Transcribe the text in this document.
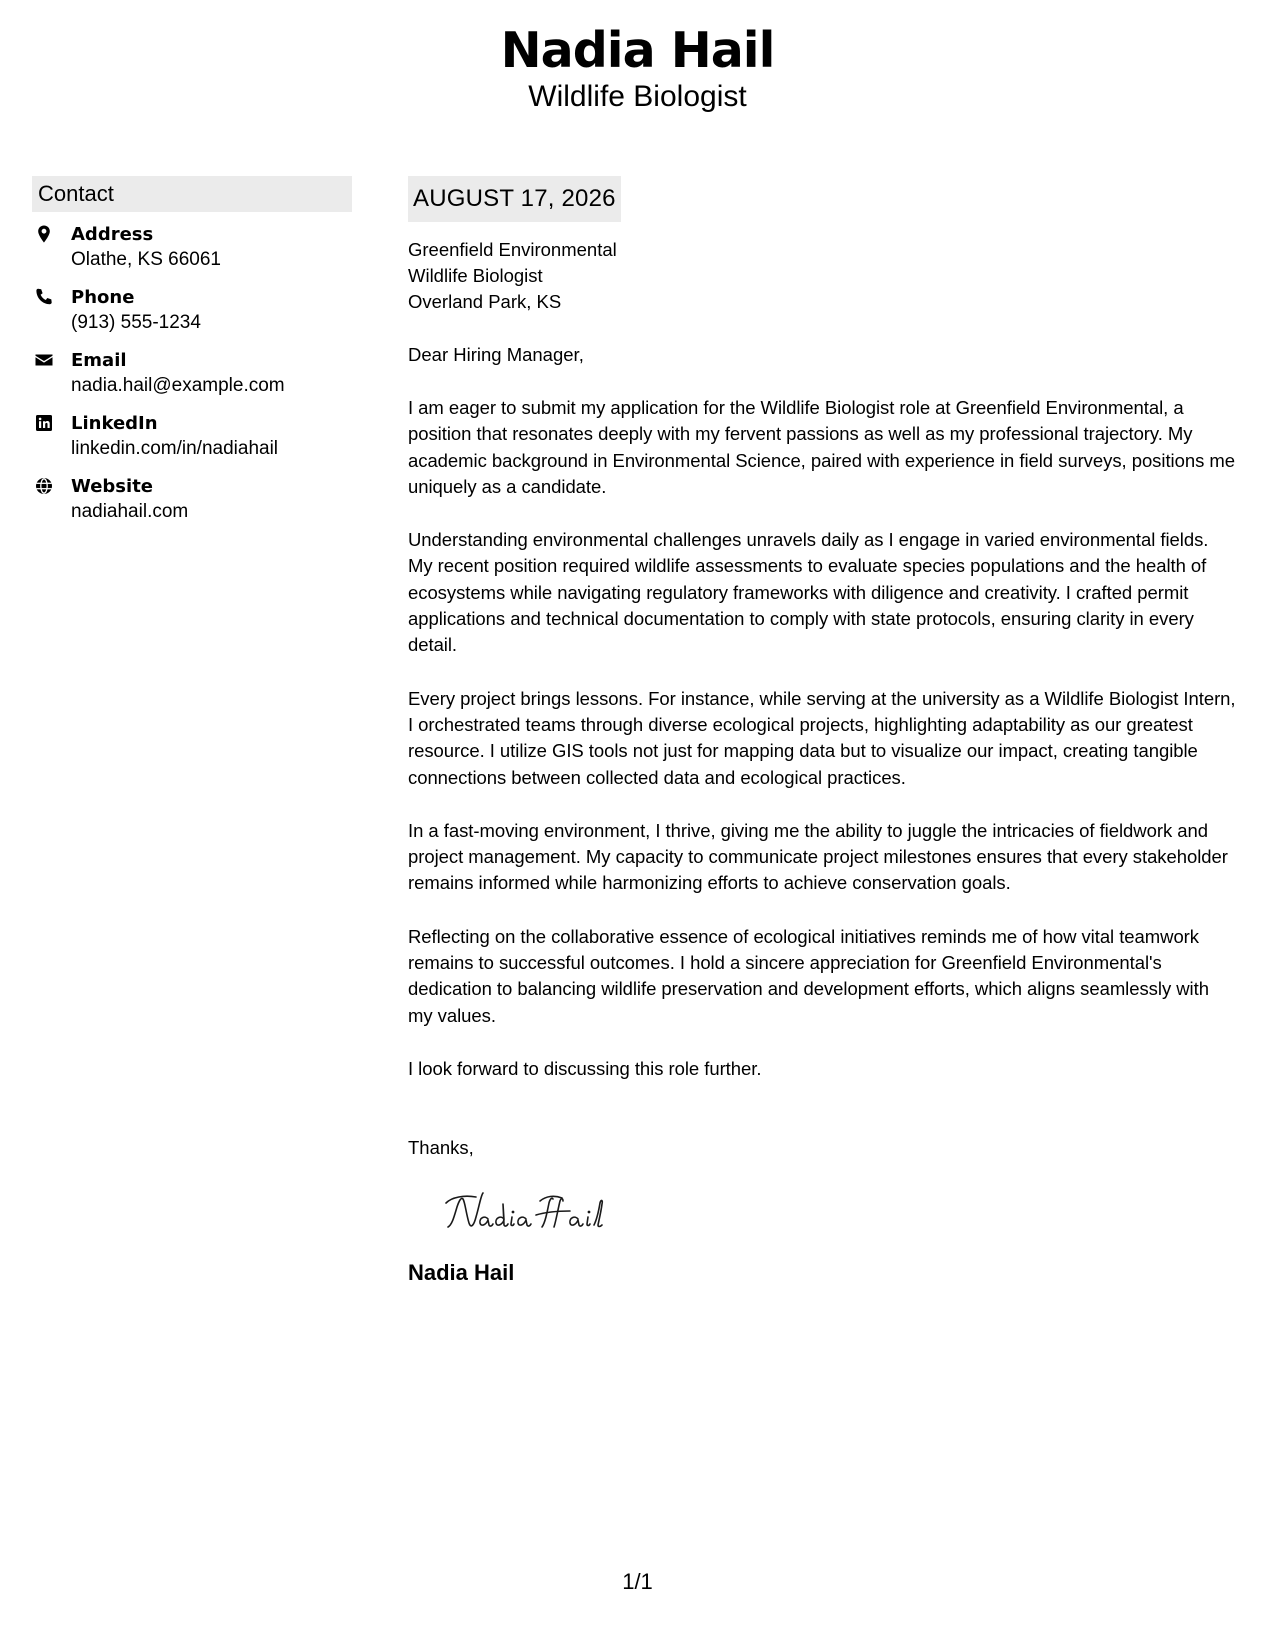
Nadia Hail
Wildlife Biologist
Contact
Address
Olathe, KS 66061
Phone
(913) 555-1234
Email
nadia.hail@example.com
LinkedIn
linkedin.com/in/nadiahail
Website
nadiahail.com
AUGUST 17, 2026
Greenfield Environmental
Wildlife Biologist
Overland Park, KS
Dear Hiring Manager,

I am eager to submit my application for the Wildlife Biologist role at Greenfield Environmental, a position that resonates deeply with my fervent passions as well as my professional trajectory. My academic background in Environmental Science, paired with experience in field surveys, positions me uniquely as a candidate.

Understanding environmental challenges unravels daily as I engage in varied environmental fields. My recent position required wildlife assessments to evaluate species populations and the health of ecosystems while navigating regulatory frameworks with diligence and creativity. I crafted permit applications and technical documentation to comply with state protocols, ensuring clarity in every detail.

Every project brings lessons. For instance, while serving at the university as a Wildlife Biologist Intern, I orchestrated teams through diverse ecological projects, highlighting adaptability as our greatest resource. I utilize GIS tools not just for mapping data but to visualize our impact, creating tangible connections between collected data and ecological practices.

In a fast-moving environment, I thrive, giving me the ability to juggle the intricacies of fieldwork and project management. My capacity to communicate project milestones ensures that every stakeholder remains informed while harmonizing efforts to achieve conservation goals.

Reflecting on the collaborative essence of ecological initiatives reminds me of how vital teamwork remains to successful outcomes. I hold a sincere appreciation for Greenfield Environmental's dedication to balancing wildlife preservation and development efforts, which aligns seamlessly with my values.

I look forward to discussing this role further.

Thanks,
Nadia Hail
1/1
